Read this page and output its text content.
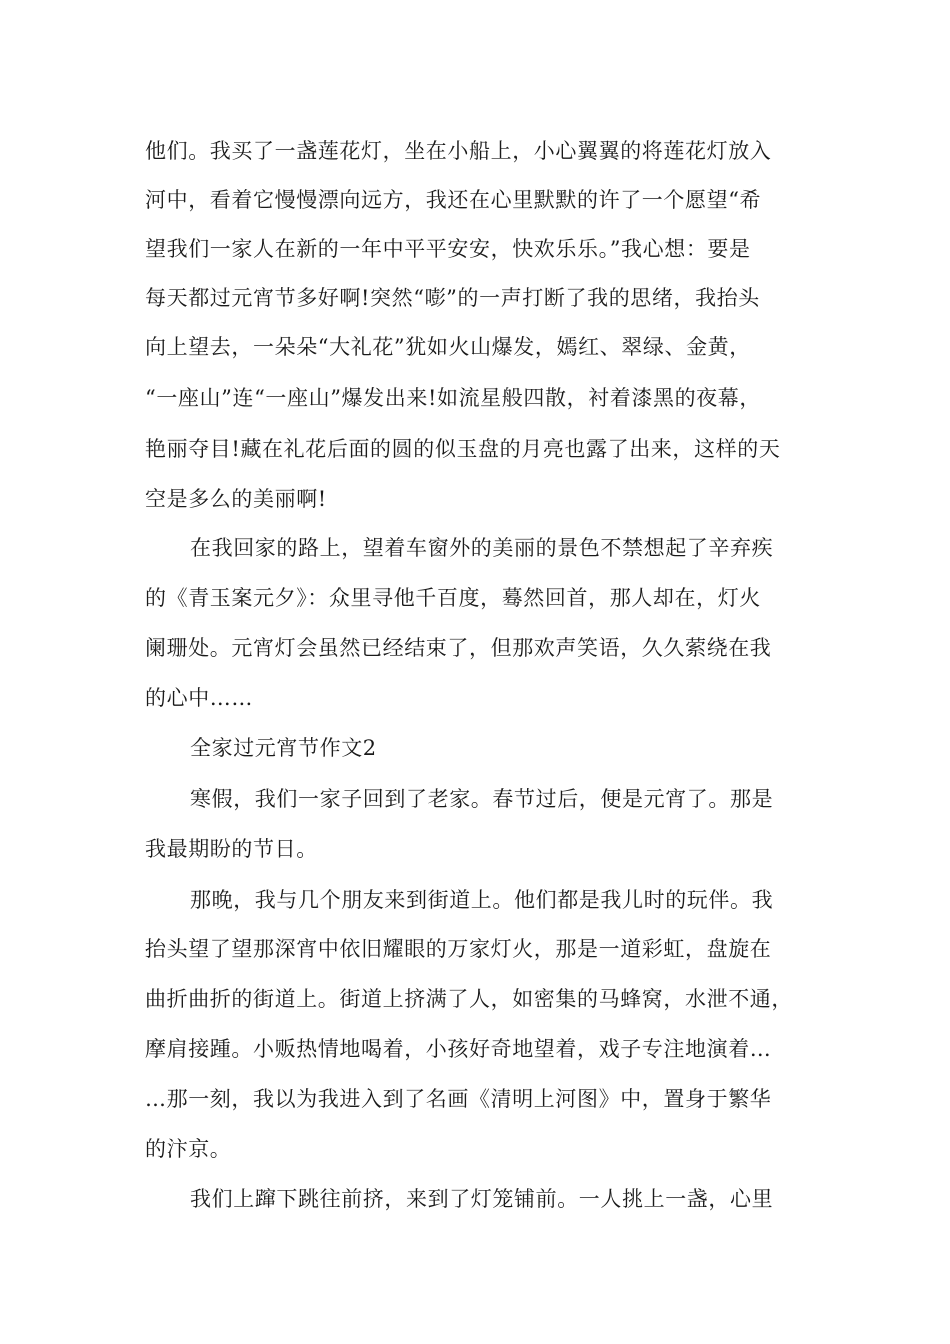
他们。我买了一盏莲花灯，坐在小船上，小心翼翼的将莲花灯放入
河中，看着它慢慢漂向远方，我还在心里默默的许了一个愿望“希
望我们一家人在新的一年中平平安安，快欢乐乐。”我心想：要是
每天都过元宵节多好啊!突然“嘭”的一声打断了我的思绪，我抬头
向上望去，一朵朵“大礼花”犹如火山爆发，嫣红、翠绿、金黄，
“一座山”连“一座山”爆发出来!如流星般四散，衬着漆黑的夜幕，
艳丽夺目!藏在礼花后面的圆的似玉盘的月亮也露了出来，这样的天
空是多么的美丽啊!
在我回家的路上，望着车窗外的美丽的景色不禁想起了辛弃疾
的《青玉案元夕》：众里寻他千百度，蓦然回首，那人却在，灯火
阑珊处。元宵灯会虽然已经结束了，但那欢声笑语，久久萦绕在我
的心中……
全家过元宵节作文2
寒假，我们一家子回到了老家。春节过后，便是元宵了。那是
我最期盼的节日。
那晚，我与几个朋友来到街道上。他们都是我儿时的玩伴。我
抬头望了望那深宵中依旧耀眼的万家灯火，那是一道彩虹，盘旋在
曲折曲折的街道上。街道上挤满了人，如密集的马蜂窝，水泄不通，
摩肩接踵。小贩热情地喝着，小孩好奇地望着，戏子专注地演着…
…那一刻，我以为我进入到了名画《清明上河图》中，置身于繁华
的汴京。
我们上蹿下跳往前挤，来到了灯笼铺前。一人挑上一盏，心里
